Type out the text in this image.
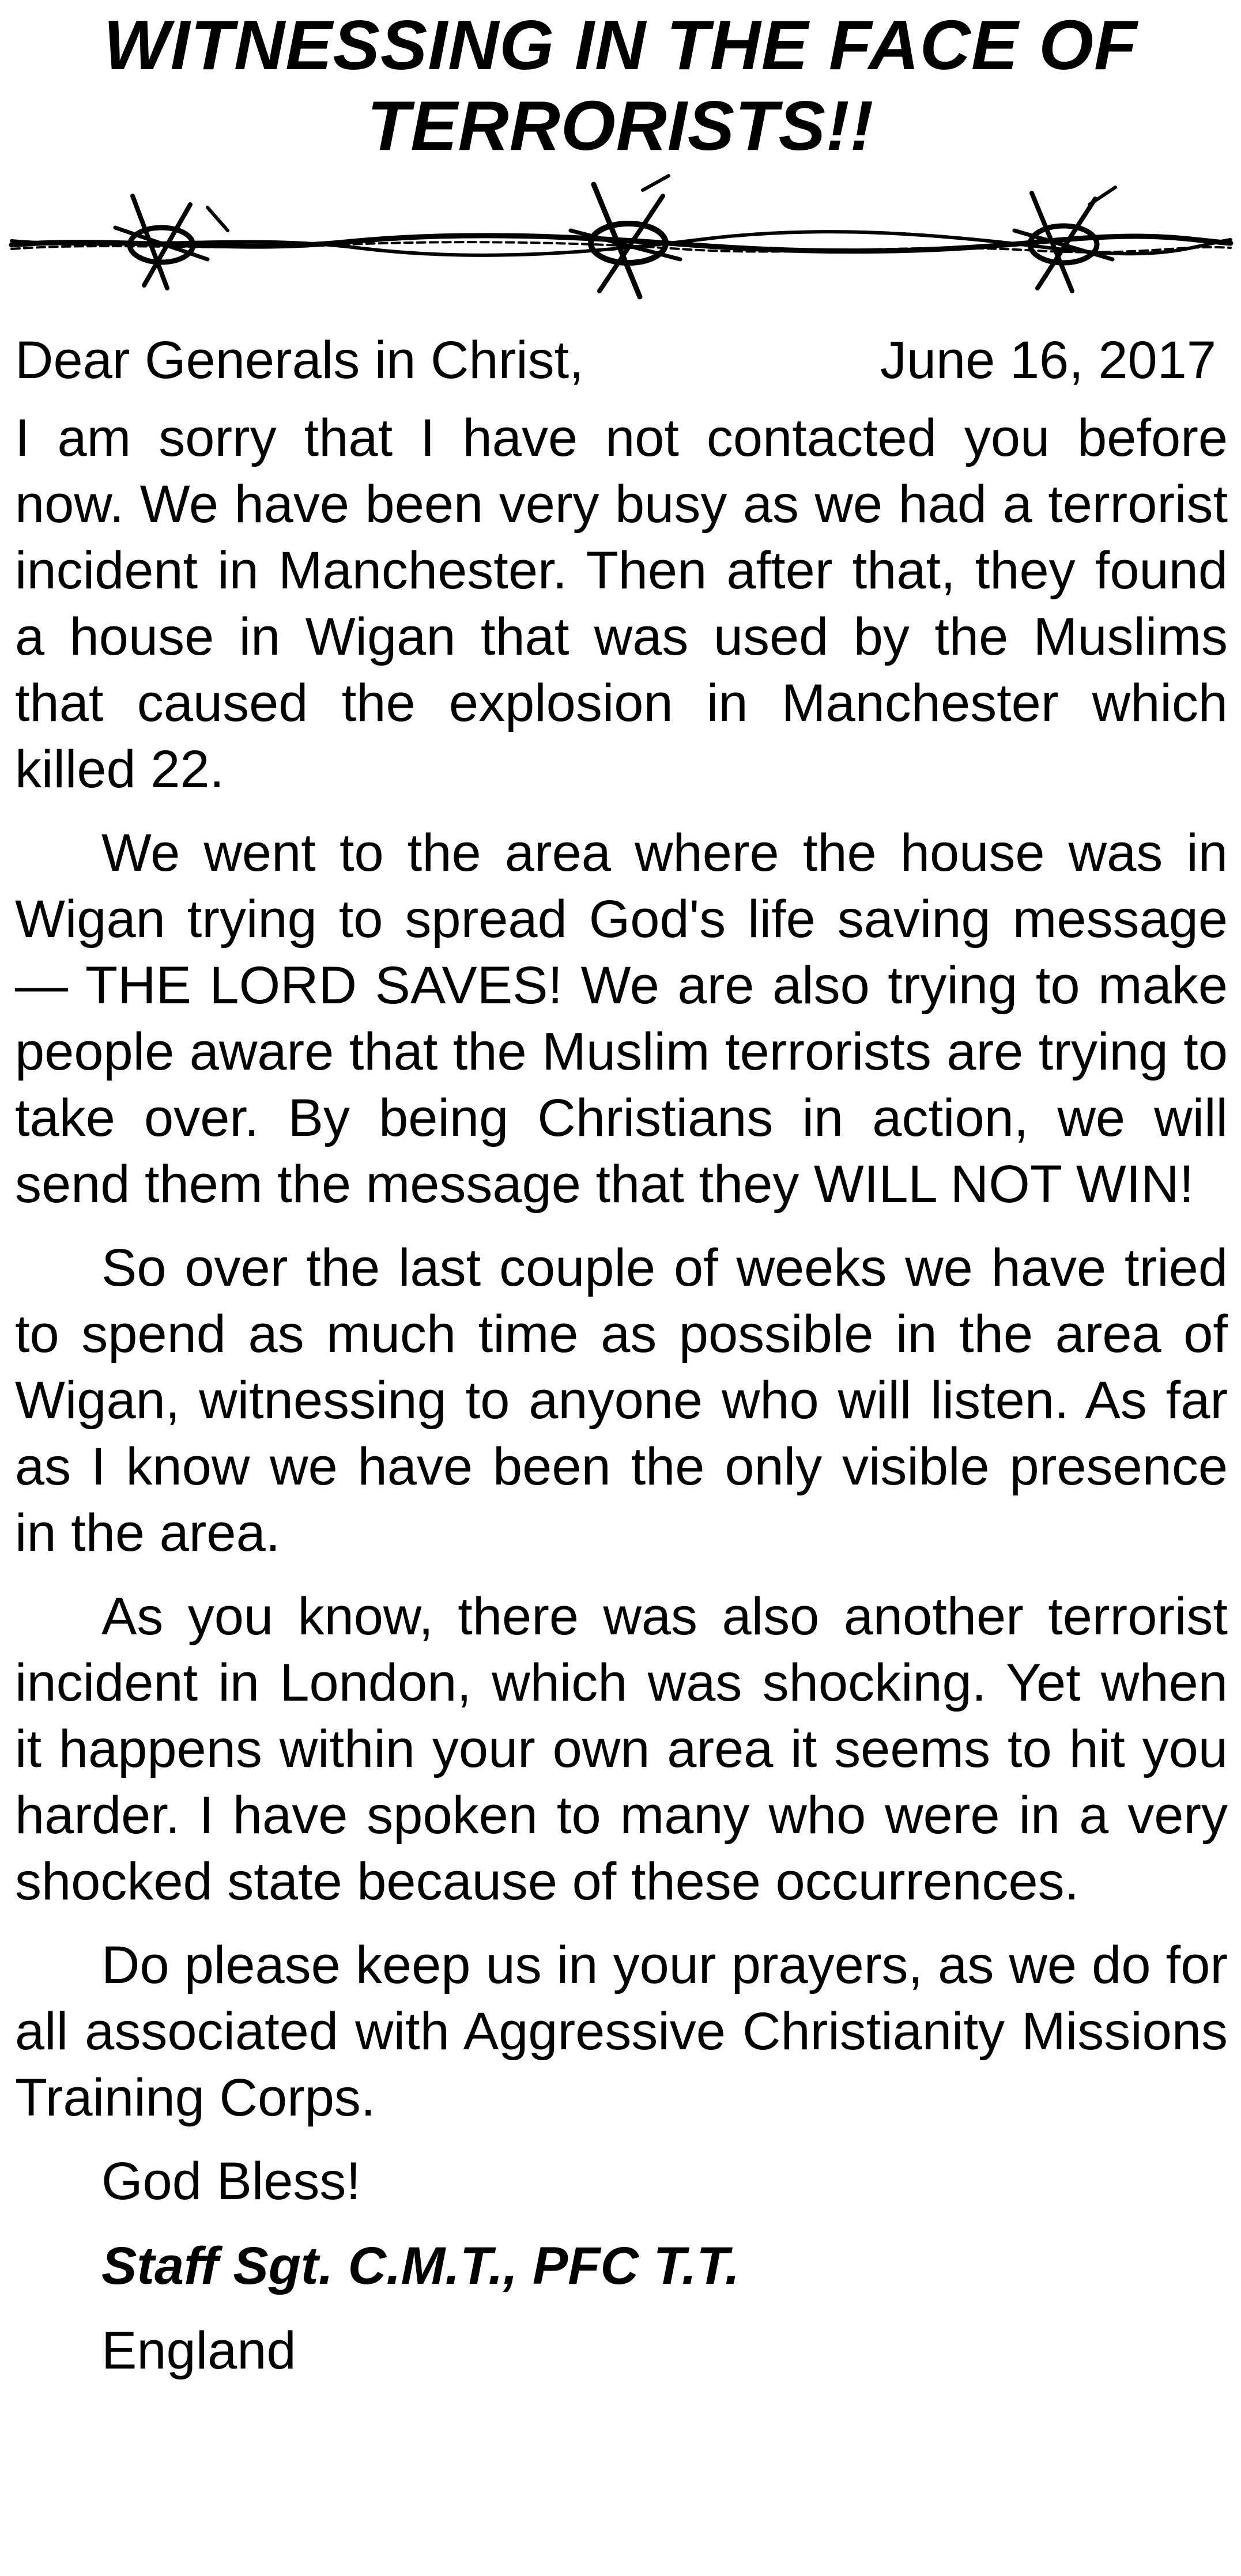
WITNESSING IN THE FACE OF
TERRORISTS!!
Dear Generals in Christ,	June 16, 2017

I am sorry that I have not contacted you before now. We have been very busy as we had a terrorist incident in Manchester. Then after that, they found a house in Wigan that was used by the Muslims that caused the explosion in Manchester which killed 22.

We went to the area where the house was in Wigan trying to spread God's life saving message— THE LORD SAVES! We are also trying to make people aware that the Muslim terrorists are trying to take over. By being Christians in action, we will send them the message that they WILL NOT WIN!

So over the last couple of weeks we have tried to spend as much time as possible in the area of Wigan, witnessing to anyone who will listen. As far as I know we have been the only visible presence in the area.

As you know, there was also another terrorist incident in London, which was shocking. Yet when it happens within your own area it seems to hit you harder. I have spoken to many who were in a very shocked state because of these occurrences.

Do please keep us in your prayers, as we do for all associated with Aggressive Christianity Missions Training Corps.

God Bless!
Staff Sgt. C.M.T., PFC T.T.
England
